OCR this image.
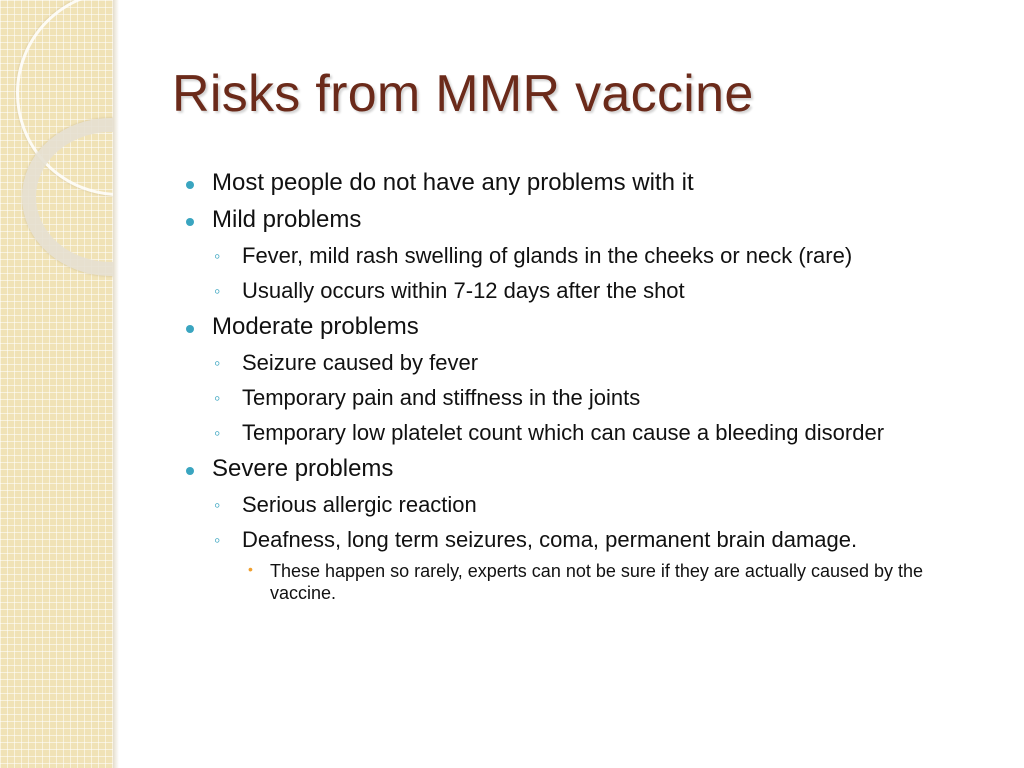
Risks from MMR vaccine
Most people do not have any problems with it
Mild problems
◦ Fever, mild rash swelling of glands in the cheeks or neck (rare)
◦ Usually occurs within 7-12 days after the shot
Moderate problems
◦ Seizure caused by fever
◦ Temporary pain and stiffness in the joints
◦ Temporary low platelet count which can cause a bleeding disorder
Severe problems
◦ Serious allergic reaction
◦ Deafness, long term seizures, coma, permanent brain damage.
• These happen so rarely, experts can not be sure if they are actually caused by the vaccine.
